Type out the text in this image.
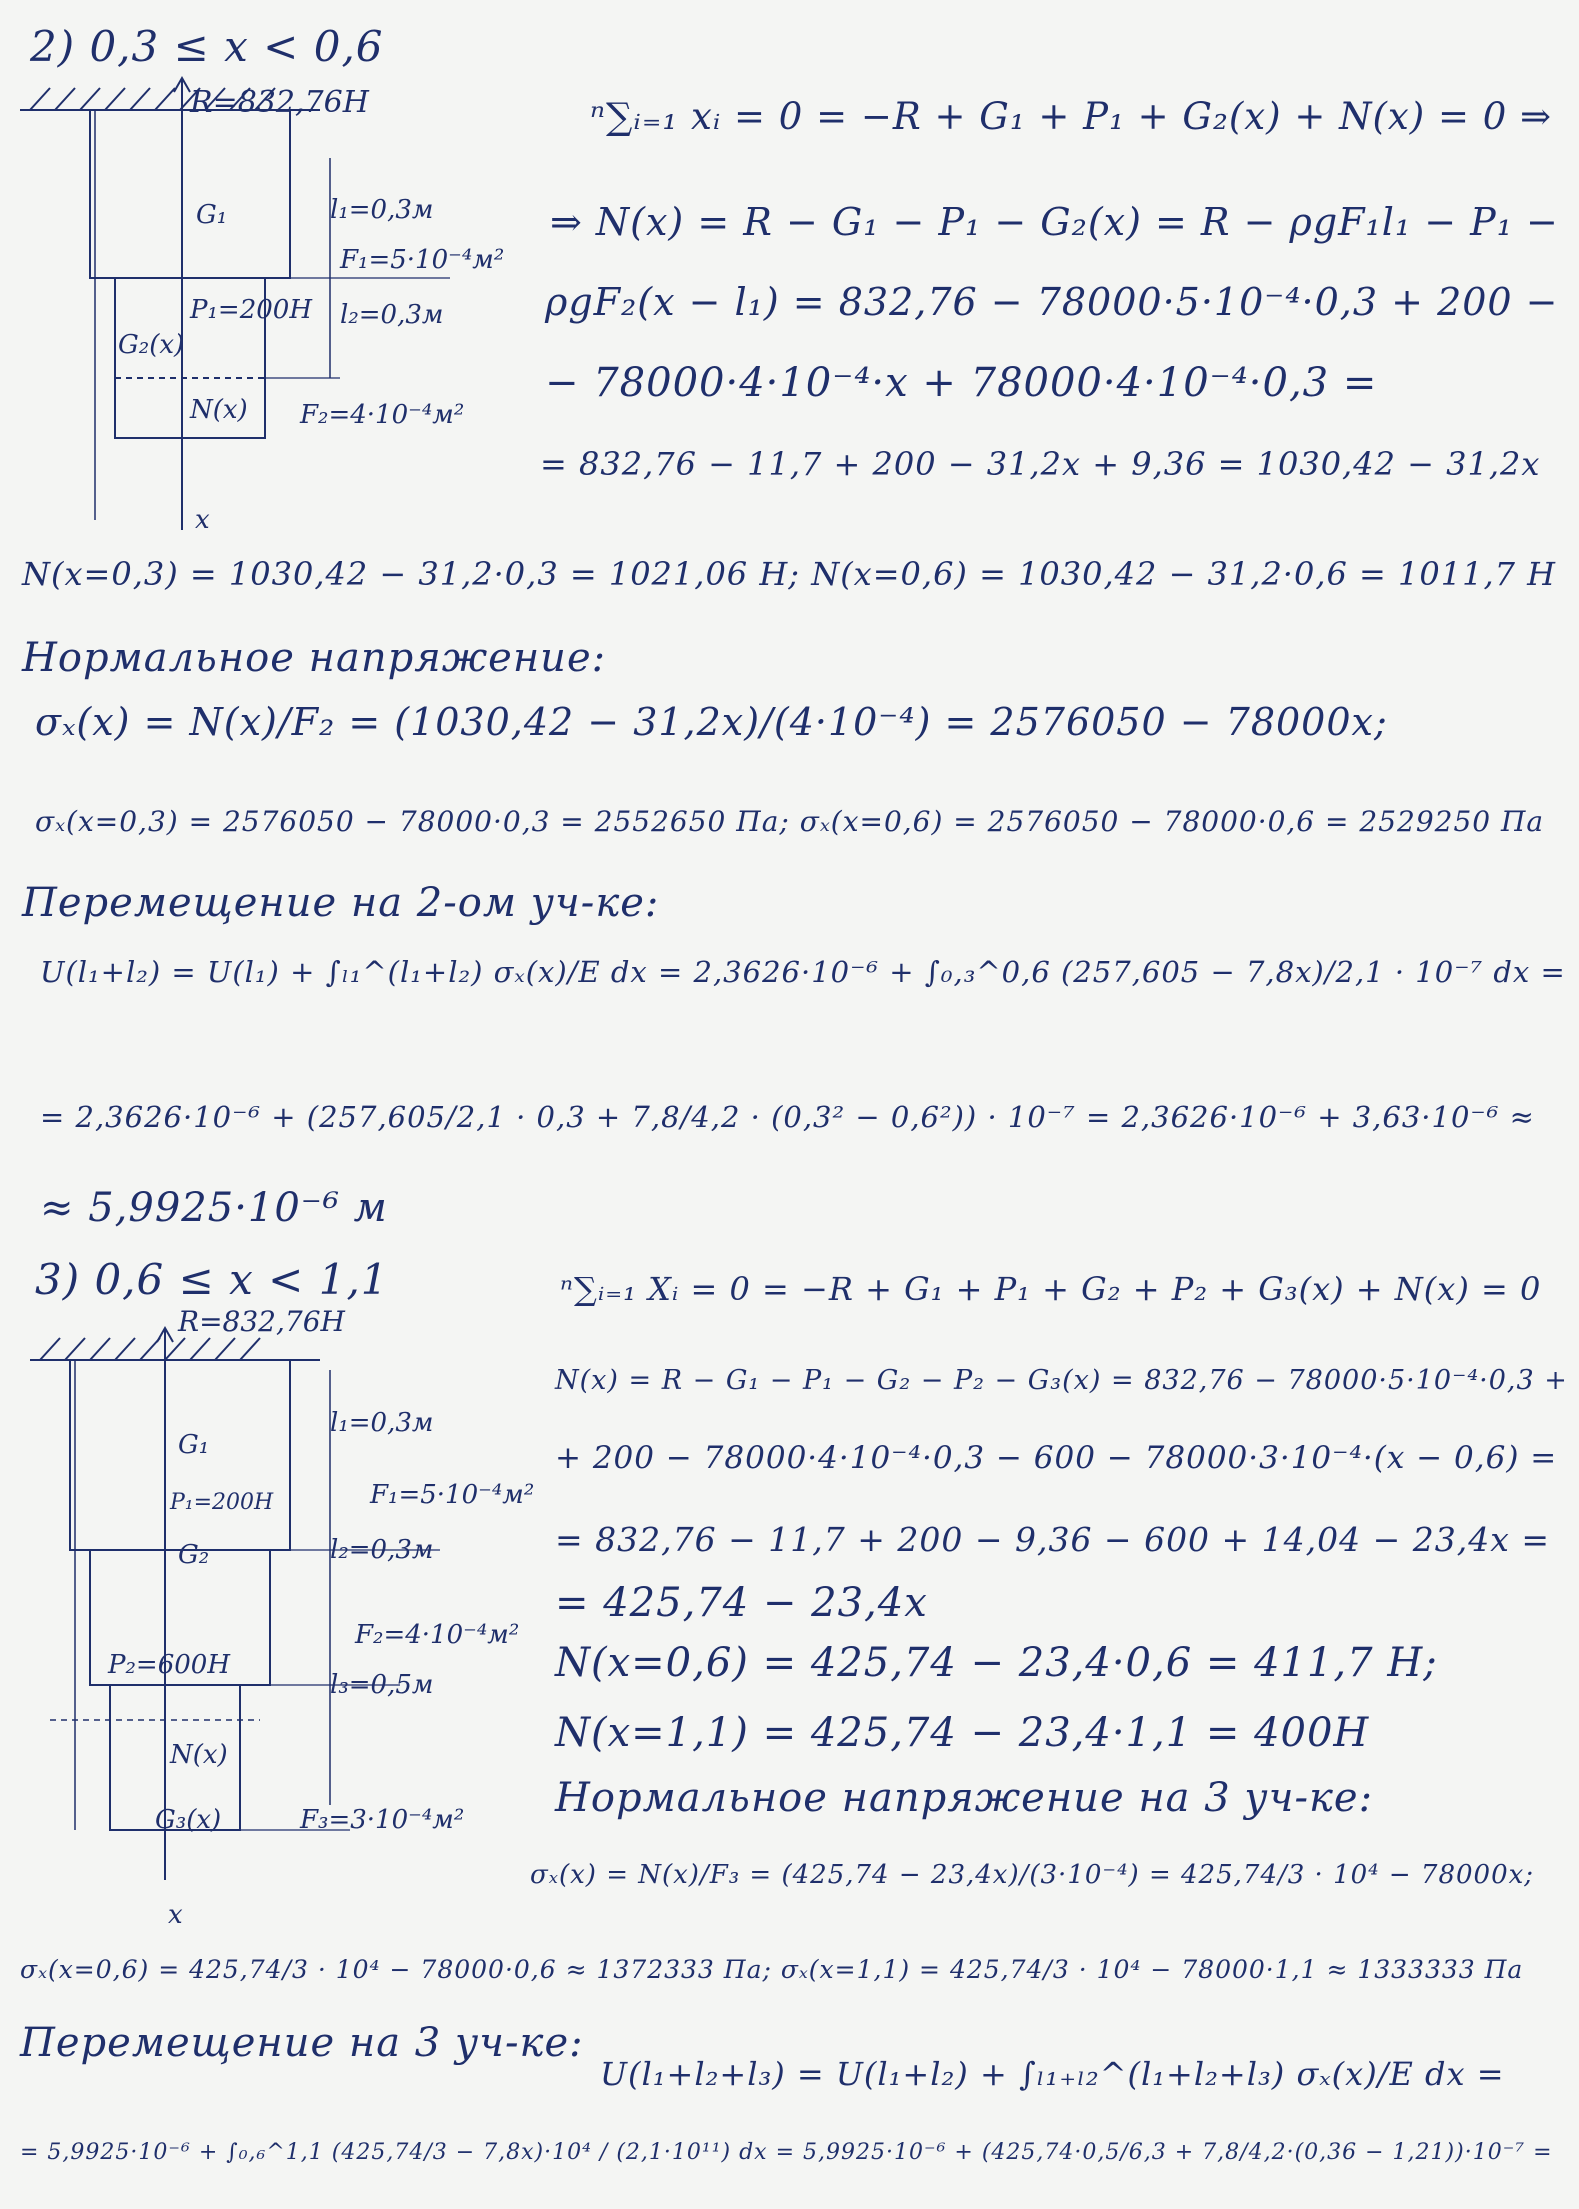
2) 0,3 ≤ x < 0,6
R=832,76Н
G₁	l₁=0,3м
F₁=5·10⁻⁴м²
P₁=200Н l₂=0,3м
G₂(x)
N(x) F₂=4·10⁻⁴м²
x
ⁿ∑ᵢ₌₁ xᵢ = 0 = −R + G₁ + P₁ + G₂(x) + N(x) = 0 ⇒
⇒ N(x) = R − G₁ − P₁ − G₂(x) = R − ρgF₁l₁ − P₁ −
ρgF₂(x − l₁) = 832,76 − 78000·5·10⁻⁴·0,3 + 200 −
− 78000·4·10⁻⁴·x + 78000·4·10⁻⁴·0,3 =
= 832,76 − 11,7 + 200 − 31,2x + 9,36 = 1030,42 − 31,2x
N(x=0,3) = 1030,42 − 31,2·0,3 = 1021,06 Н; N(x=0,6) = 1030,42 − 31,2·0,6 = 1011,7 Н
Нормальное напряжение:
σₓ(x) = N(x)/F₂ = (1030,42 − 31,2x)/(4·10⁻⁴) = 2576050 − 78000x;
σₓ(x=0,3) = 2576050 − 78000·0,3 = 2552650 Па; σₓ(x=0,6) = 2576050 − 78000·0,6 = 2529250 Па
Перемещение на 2-ом уч-ке:
U(l₁+l₂) = U(l₁) + ∫ₗ₁^(l₁+l₂) σₓ(x)/E dx = 2,3626·10⁻⁶ + ∫₀,₃^0,6 (257,605 − 7,8x)/2,1 · 10⁻⁷ dx =
= 2,3626·10⁻⁶ + (257,605/2,1 · 0,3 + 7,8/4,2 · (0,3² − 0,6²)) · 10⁻⁷ = 2,3626·10⁻⁶ + 3,63·10⁻⁶ ≈
≈ 5,9925·10⁻⁶ м
3) 0,6 ≤ x < 1,1
R=832,76Н
G₁
l₁=0,3м
P₁=200Н	F₁=5·10⁻⁴м²
G₂	l₂=0,3м
F₂=4·10⁻⁴м²
P₂=600Н
l₃=0,5м
N(x)
G₃(x)	F₃=3·10⁻⁴м²
x
ⁿ∑ᵢ₌₁ Xᵢ = 0 = −R + G₁ + P₁ + G₂ + P₂ + G₃(x) + N(x) = 0
N(x) = R − G₁ − P₁ − G₂ − P₂ − G₃(x) = 832,76 − 78000·5·10⁻⁴·0,3 +
+ 200 − 78000·4·10⁻⁴·0,3 − 600 − 78000·3·10⁻⁴·(x − 0,6) =
= 832,76 − 11,7 + 200 − 9,36 − 600 + 14,04 − 23,4x =
= 425,74 − 23,4x
N(x=0,6) = 425,74 − 23,4·0,6 = 411,7 Н;
N(x=1,1) = 425,74 − 23,4·1,1 = 400Н
Нормальное напряжение на 3 уч-ке:
σₓ(x) = N(x)/F₃ = (425,74 − 23,4x)/(3·10⁻⁴) = 425,74/3 · 10⁴ − 78000x;
σₓ(x=0,6) = 425,74/3 · 10⁴ − 78000·0,6 ≈ 1372333 Па; σₓ(x=1,1) = 425,74/3 · 10⁴ − 78000·1,1 ≈ 1333333 Па
Перемещение на 3 уч-ке:
U(l₁+l₂+l₃) = U(l₁+l₂) + ∫ₗ₁₊ₗ₂^(l₁+l₂+l₃) σₓ(x)/E dx =
= 5,9925·10⁻⁶ + ∫₀,₆^1,1 (425,74/3 − 7,8x)·10⁴ / (2,1·10¹¹) dx = 5,9925·10⁻⁶ + (425,74·0,5/6,3 + 7,8/4,2·(0,36 − 1,21))·10⁻⁷ =
